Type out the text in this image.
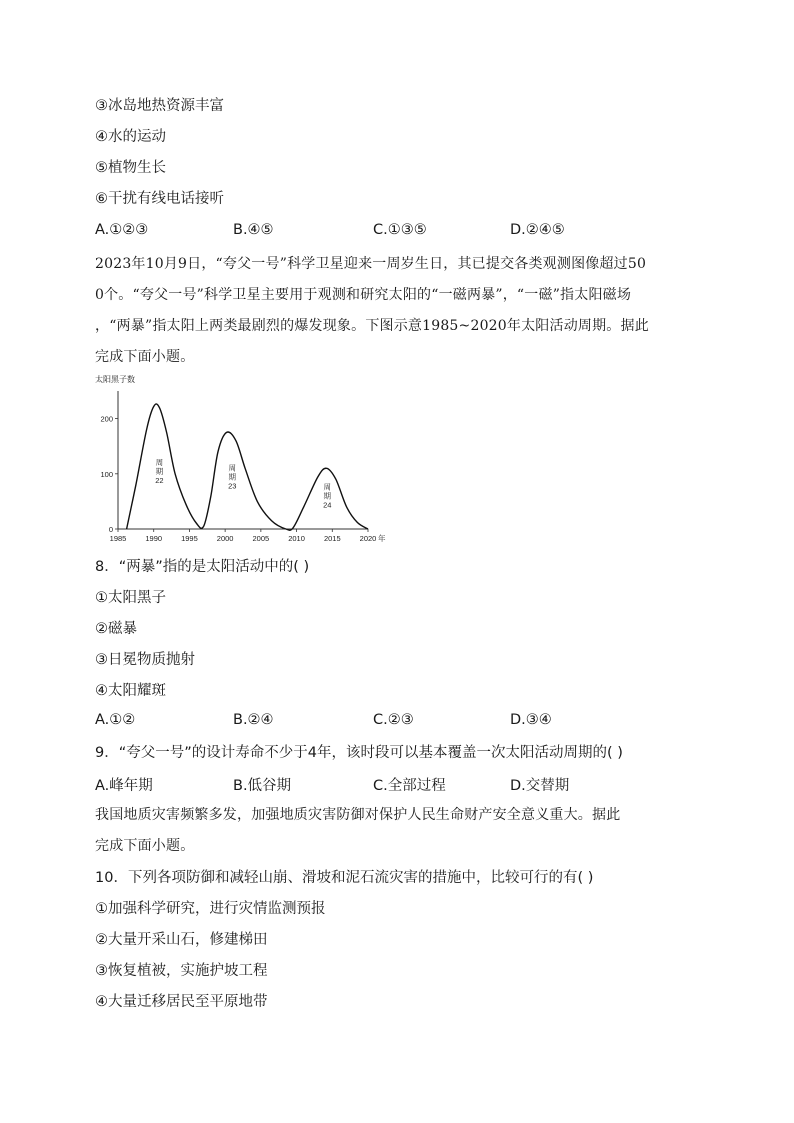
③冰岛地热资源丰富
④水的运动
⑤植物生长
⑥干扰有线电话接听
A.①②③	B.④⑤	C.①③⑤	D.②④⑤
2023年10月9日，“夸父一号”科学卫星迎来一周岁生日，其已提交各类观测图像超过50
0个。“夸父一号”科学卫星主要用于观测和研究太阳的“一磁两暴”，“一磁”指太阳磁场
，“两暴”指太阳上两类最剧烈的爆发现象。下图示意1985~2020年太阳活动周期。据此
完成下面小题。
太阳黑子数
1985	1990	1995	2000	2005	2010	2015	2020 年
0
100
200
周
期
22
周
期
23	周
期
24
8．“两暴”指的是太阳活动中的( )
①太阳黑子
②磁暴
③日冕物质抛射
④太阳耀斑
A.①②	B.②④	C.②③	D.③④
9．“夸父一号”的设计寿命不少于4年，该时段可以基本覆盖一次太阳活动周期的( )
A.峰年期	B.低谷期	C.全部过程	D.交替期
我国地质灾害频繁多发，加强地质灾害防御对保护人民生命财产安全意义重大。据此
完成下面小题。
10．下列各项防御和减轻山崩、滑坡和泥石流灾害的措施中，比较可行的有( )
①加强科学研究，进行灾情监测预报
②大量开采山石，修建梯田
③恢复植被，实施护坡工程
④大量迁移居民至平原地带
